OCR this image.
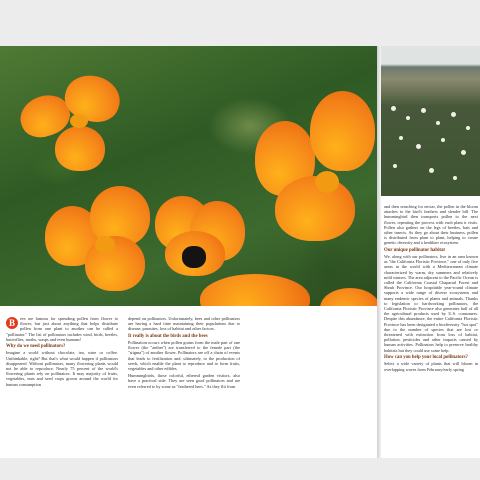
B	ees are famous for spreading pollen from flower to flower, but just about anything that helps distribute pollen from one plant to another can be called a "pollinator." The list of pollinators includes wind, birds, beetles, butterflies, moths, wasps and even humans!

Why do we need pollinators?

Imagine a world without chocolate, tea, wine or coffee. Unthinkable, right? But that's what would happen if pollinators disappeared. Without pollinators, many flowering plants would not be able to reproduce. Nearly 75 percent of the world's flowering plants rely on pollinators. It may majority of fruits, vegetables, nuts and seed crops grown around the world for human consumption

depend on pollinators. Unfortunately, bees and other pollinators are having a hard time maintaining their populations due to disease, parasites, loss of habitat and other factors.

It really is about the birds and the bees

Pollination occurs when pollen grains from the male part of one flower (the "anther") are transferred to the female part (the "stigma") of another flower. Pollinators are off a chain of events that leads to fertilization and, ultimately, to the production of seeds, which enable the plant to reproduce and to form fruits, vegetables and other edibles.

Hummingbirds, those colorful, ethereal garden visitors, also have a practical side: They are seen good pollinators and are even referred to by some as "feathered bees." As they flit from

and then searching for nectar, the pollen in the bloom attaches to the bird's feathers and slender bill. The hummingbird then transports pollen to the next flower, repeating the process with each plant it visits. Pollen also gathers on the legs of beetles, bats and other insects. As they go about their business, pollen is distributed from plant to plant, helping to create genetic diversity and a healthier ecosystem.

Our unique pollinator habitat

We, along with our pollinators, live in an area known as "the California Floristic Province," one of only five areas in the world with a Mediterranean climate characterized by warm, dry summers and relatively mild winters. The area adjacent to the Pacific Ocean is called the California Coastal Chaparral Forest and Shrub Province. Our hospitable year-round climate supports a wide range of diverse ecosystems and many endemic species of plants and animals. Thanks to legislation to hardworking pollinators, the California Floristic Province also generates half of all the agricultural products used by U.S. consumers. Despite this abundance, the entire California Floristic Province has been designated a biodiversity "hot spot" due to the number of species that are lost or threatened with extinction from loss of habitat, pollution, pesticides and other impacts caused by human activities. Pollinators help to preserve healthy habitats but they could use some help.

How can you help your local pollinators?

Select a wide variety of plants that will bloom in overlapping waves from February/early spring
